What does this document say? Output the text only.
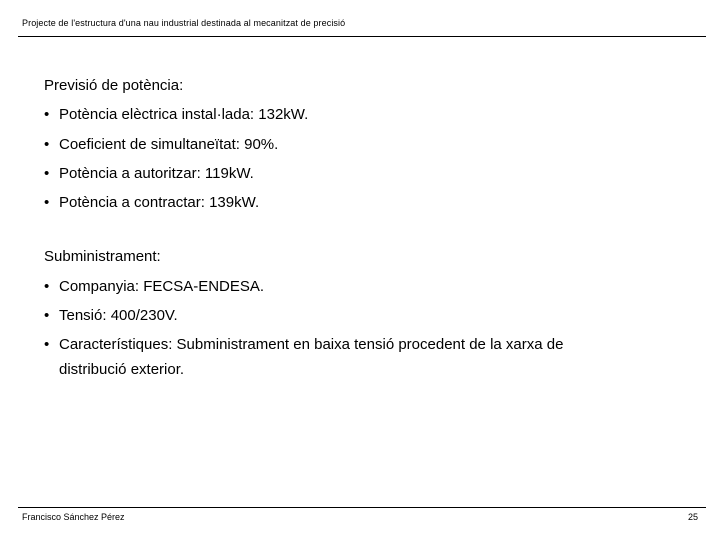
Projecte de l'estructura d'una nau industrial destinada al mecanitzat de precisió
Previsió de potència:
• Potència elèctrica instal·lada: 132kW.
• Coeficient de simultaneïtat: 90%.
• Potència a autoritzar: 119kW.
• Potència a contractar: 139kW.
Subministrament:
• Companyia: FECSA-ENDESA.
• Tensió: 400/230V.
• Característiques: Subministrament en baixa tensió procedent de la xarxa de distribució exterior.
Francisco Sánchez Pérez	25
